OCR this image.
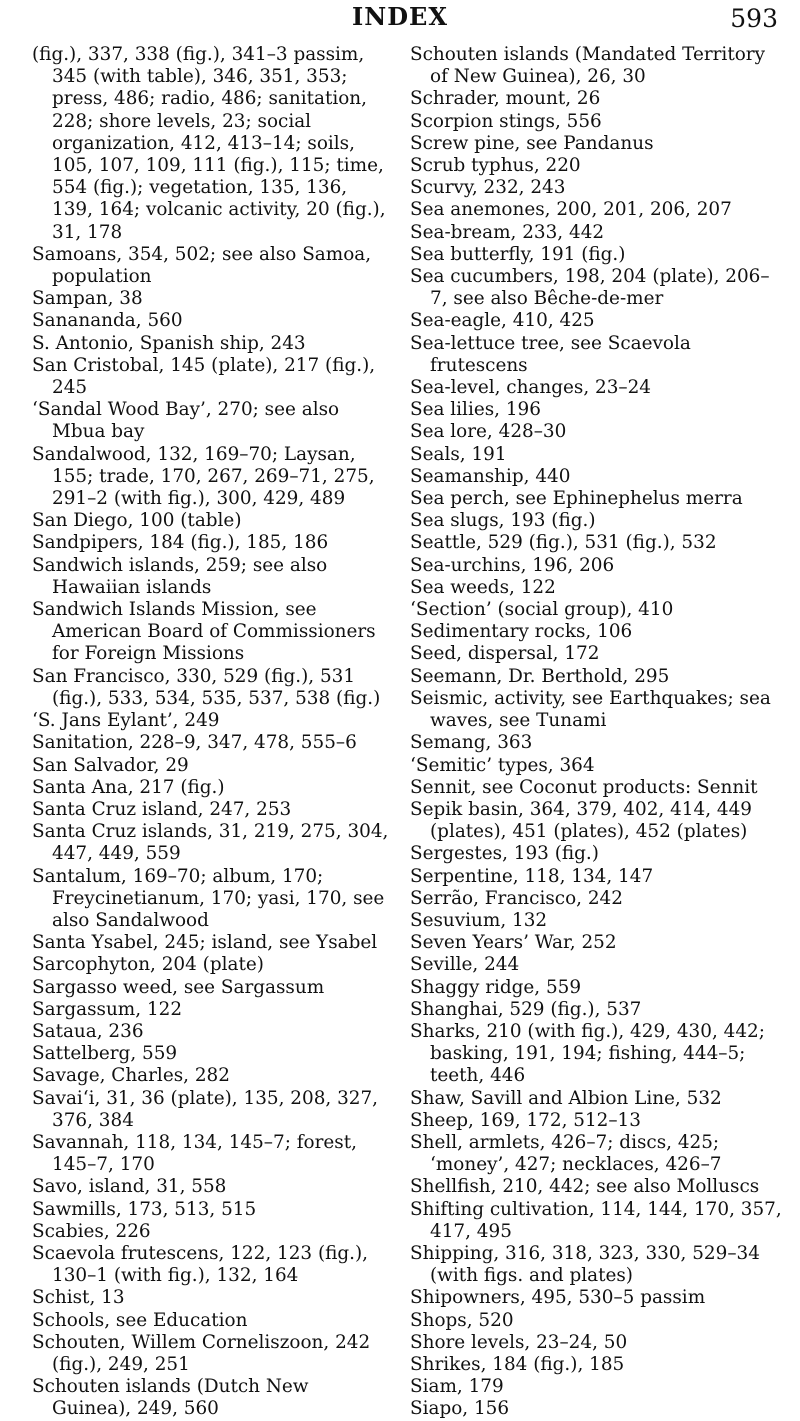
INDEX	593

(fig.), 337, 338 (fig.), 341–3 passim, 345 (with table), 346, 351, 353; press, 486; radio, 486; sanitation, 228; shore levels, 23; social organization, 412, 413–14; soils, 105, 107, 109, 111 (fig.), 115; time, 554 (fig.); vegetation, 135, 136, 139, 164; volcanic activity, 20 (fig.), 31, 178

Samoans, 354, 502; see also Samoa, population

Sampan, 38

Sanananda, 560

S. Antonio, Spanish ship, 243

San Cristobal, 145 (plate), 217 (fig.), 245

‘Sandal Wood Bay’, 270; see also Mbua bay

Sandalwood, 132, 169–70; Laysan, 155; trade, 170, 267, 269–71, 275, 291–2 (with fig.), 300, 429, 489

San Diego, 100 (table)

Sandpipers, 184 (fig.), 185, 186

Sandwich islands, 259; see also Hawaiian islands

Sandwich Islands Mission, see American Board of Commissioners for Foreign Missions

San Francisco, 330, 529 (fig.), 531 (fig.), 533, 534, 535, 537, 538 (fig.)

‘S. Jans Eylant’, 249

Sanitation, 228–9, 347, 478, 555–6

San Salvador, 29

Santa Ana, 217 (fig.)

Santa Cruz island, 247, 253

Santa Cruz islands, 31, 219, 275, 304, 447, 449, 559

Santalum, 169–70; album, 170; Freycinetianum, 170; yasi, 170, see also Sandalwood

Santa Ysabel, 245; island, see Ysabel

Sarcophyton, 204 (plate)

Sargasso weed, see Sargassum

Sargassum, 122

Sataua, 236

Sattelberg, 559

Savage, Charles, 282

Savai‘i, 31, 36 (plate), 135, 208, 327, 376, 384

Savannah, 118, 134, 145–7; forest, 145–7, 170

Savo, island, 31, 558

Sawmills, 173, 513, 515

Scabies, 226

Scaevola frutescens, 122, 123 (fig.), 130–1 (with fig.), 132, 164

Schist, 13

Schools, see Education

Schouten, Willem Corneliszoon, 242 (fig.), 249, 251

Schouten islands (Dutch New Guinea), 249, 560

Schouten islands (Mandated Territory of New Guinea), 26, 30

Schrader, mount, 26

Scorpion stings, 556

Screw pine, see Pandanus

Scrub typhus, 220

Scurvy, 232, 243

Sea anemones, 200, 201, 206, 207

Sea-bream, 233, 442

Sea butterfly, 191 (fig.)

Sea cucumbers, 198, 204 (plate), 206–7, see also Bêche-de-mer

Sea-eagle, 410, 425

Sea-lettuce tree, see Scaevola frutescens

Sea-level, changes, 23–24

Sea lilies, 196

Sea lore, 428–30

Seals, 191

Seamanship, 440

Sea perch, see Ephinephelus merra

Sea slugs, 193 (fig.)

Seattle, 529 (fig.), 531 (fig.), 532

Sea-urchins, 196, 206

Sea weeds, 122

‘Section’ (social group), 410

Sedimentary rocks, 106

Seed, dispersal, 172

Seemann, Dr. Berthold, 295

Seismic, activity, see Earthquakes; sea waves, see Tunami

Semang, 363

‘Semitic’ types, 364

Sennit, see Coconut products: Sennit

Sepik basin, 364, 379, 402, 414, 449 (plates), 451 (plates), 452 (plates)

Sergestes, 193 (fig.)

Serpentine, 118, 134, 147

Serrão, Francisco, 242

Sesuvium, 132

Seven Years’ War, 252

Seville, 244

Shaggy ridge, 559

Shanghai, 529 (fig.), 537

Sharks, 210 (with fig.), 429, 430, 442; basking, 191, 194; fishing, 444–5; teeth, 446

Shaw, Savill and Albion Line, 532

Sheep, 169, 172, 512–13

Shell, armlets, 426–7; discs, 425; ‘money’, 427; necklaces, 426–7

Shellfish, 210, 442; see also Molluscs

Shifting cultivation, 114, 144, 170, 357, 417, 495

Shipping, 316, 318, 323, 330, 529–34 (with figs. and plates)

Shipowners, 495, 530–5 passim

Shops, 520

Shore levels, 23–24, 50

Shrikes, 184 (fig.), 185

Siam, 179

Siapo, 156
